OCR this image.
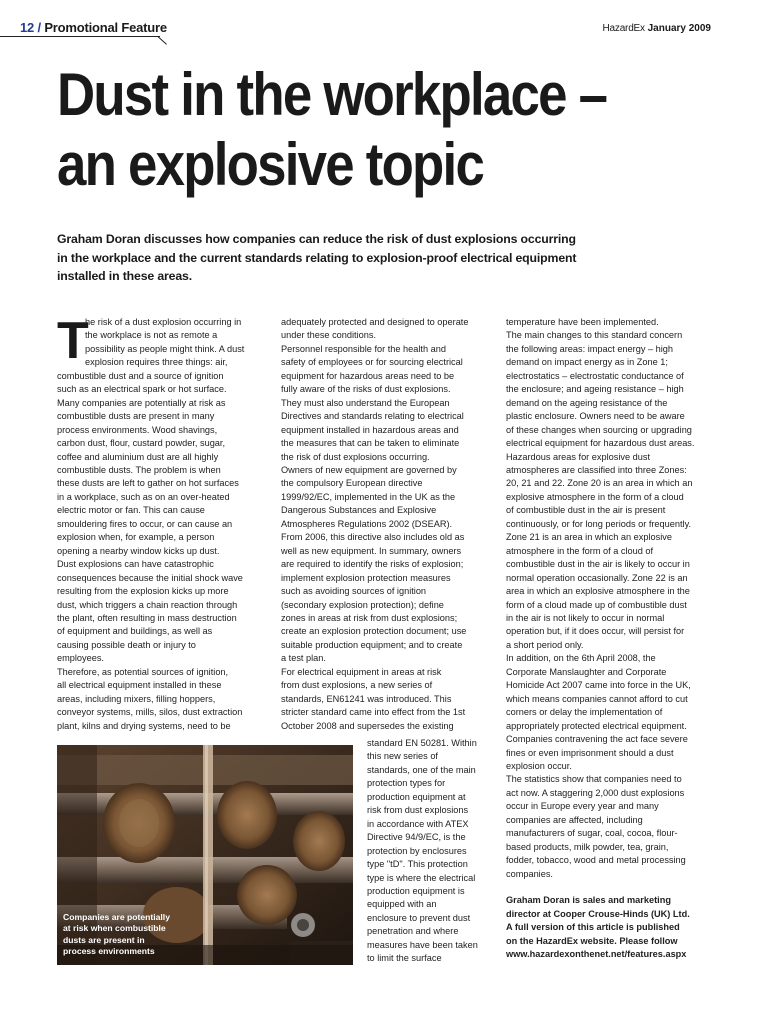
12 / Promotional Feature	HazardEx January 2009
Dust in the workplace –
an explosive topic
Graham Doran discusses how companies can reduce the risk of dust explosions occurring
in the workplace and the current standards relating to explosion-proof electrical equipment
installed in these areas.
T
he risk of a dust explosion occurring in
the workplace is not as remote a
possibility as people might think. A dust
explosion requires three things: air,
combustible dust and a source of ignition
such as an electrical spark or hot surface.
Many companies are potentially at risk as
combustible dusts are present in many
process environments. Wood shavings,
carbon dust, flour, custard powder, sugar,
coffee and aluminium dust are all highly
combustible dusts. The problem is when
these dusts are left to gather on hot surfaces
in a workplace, such as on an over-heated
electric motor or fan. This can cause
smouldering fires to occur, or can cause an
explosion when, for example, a person
opening a nearby window kicks up dust.
Dust explosions can have catastrophic
consequences because the initial shock wave
resulting from the explosion kicks up more
dust, which triggers a chain reaction through
the plant, often resulting in mass destruction
of equipment and buildings, as well as
causing possible death or injury to
employees.
Therefore, as potential sources of ignition,
all electrical equipment installed in these
areas, including mixers, filling hoppers,
conveyor systems, mills, silos, dust extraction
plant, kilns and drying systems, need to be
adequately protected and designed to operate
under these conditions.
Personnel responsible for the health and
safety of employees or for sourcing electrical
equipment for hazardous areas need to be
fully aware of the risks of dust explosions.
They must also understand the European
Directives and standards relating to electrical
equipment installed in hazardous areas and
the measures that can be taken to eliminate
the risk of dust explosions occurring.
Owners of new equipment are governed by
the compulsory European directive
1999/92/EC, implemented in the UK as the
Dangerous Substances and Explosive
Atmospheres Regulations 2002 (DSEAR).
From 2006, this directive also includes old as
well as new equipment. In summary, owners
are required to identify the risks of explosion;
implement explosion protection measures
such as avoiding sources of ignition
(secondary explosion protection); define
zones in areas at risk from dust explosions;
create an explosion protection document; use
suitable production equipment; and to create
a test plan.
For electrical equipment in areas at risk
from dust explosions, a new series of
standards, EN61241 was introduced. This
stricter standard came into effect from the 1st
October 2008 and supersedes the existing
standard EN 50281. Within
this new series of
standards, one of the main
protection types for
production equipment at
risk from dust explosions
in accordance with ATEX
Directive 94/9/EC, is the
protection by enclosures
type "tD". This protection
type is where the electrical
production equipment is
equipped with an
enclosure to prevent dust
penetration and where
measures have been taken
to limit the surface
temperature have been implemented.
The main changes to this standard concern
the following areas: impact energy – high
demand on impact energy as in Zone 1;
electrostatics – electrostatic conductance of
the enclosure; and ageing resistance – high
demand on the ageing resistance of the
plastic enclosure. Owners need to be aware
of these changes when sourcing or upgrading
electrical equipment for hazardous dust areas.
Hazardous areas for explosive dust
atmospheres are classified into three Zones:
20, 21 and 22. Zone 20 is an area in which an
explosive atmosphere in the form of a cloud
of combustible dust in the air is present
continuously, or for long periods or frequently.
Zone 21 is an area in which an explosive
atmosphere in the form of a cloud of
combustible dust in the air is likely to occur in
normal operation occasionally. Zone 22 is an
area in which an explosive atmosphere in the
form of a cloud made up of combustible dust
in the air is not likely to occur in normal
operation but, if it does occur, will persist for
a short period only.
In addition, on the 6th April 2008, the
Corporate Manslaughter and Corporate
Homicide Act 2007 came into force in the UK,
which means companies cannot afford to cut
corners or delay the implementation of
appropriately protected electrical equipment.
Companies contravening the act face severe
fines or even imprisonment should a dust
explosion occur.
The statistics show that companies need to
act now. A staggering 2,000 dust explosions
occur in Europe every year and many
companies are affected, including
manufacturers of sugar, coal, cocoa, flour-
based products, milk powder, tea, grain,
fodder, tobacco, wood and metal processing
companies.

Graham Doran is sales and marketing
director at Cooper Crouse-Hinds (UK) Ltd.
A full version of this article is published
on the HazardEx website. Please follow
www.hazardexonthenet.net/features.aspx
Companies are potentially
at risk when combustible
dusts are present in
process environments
